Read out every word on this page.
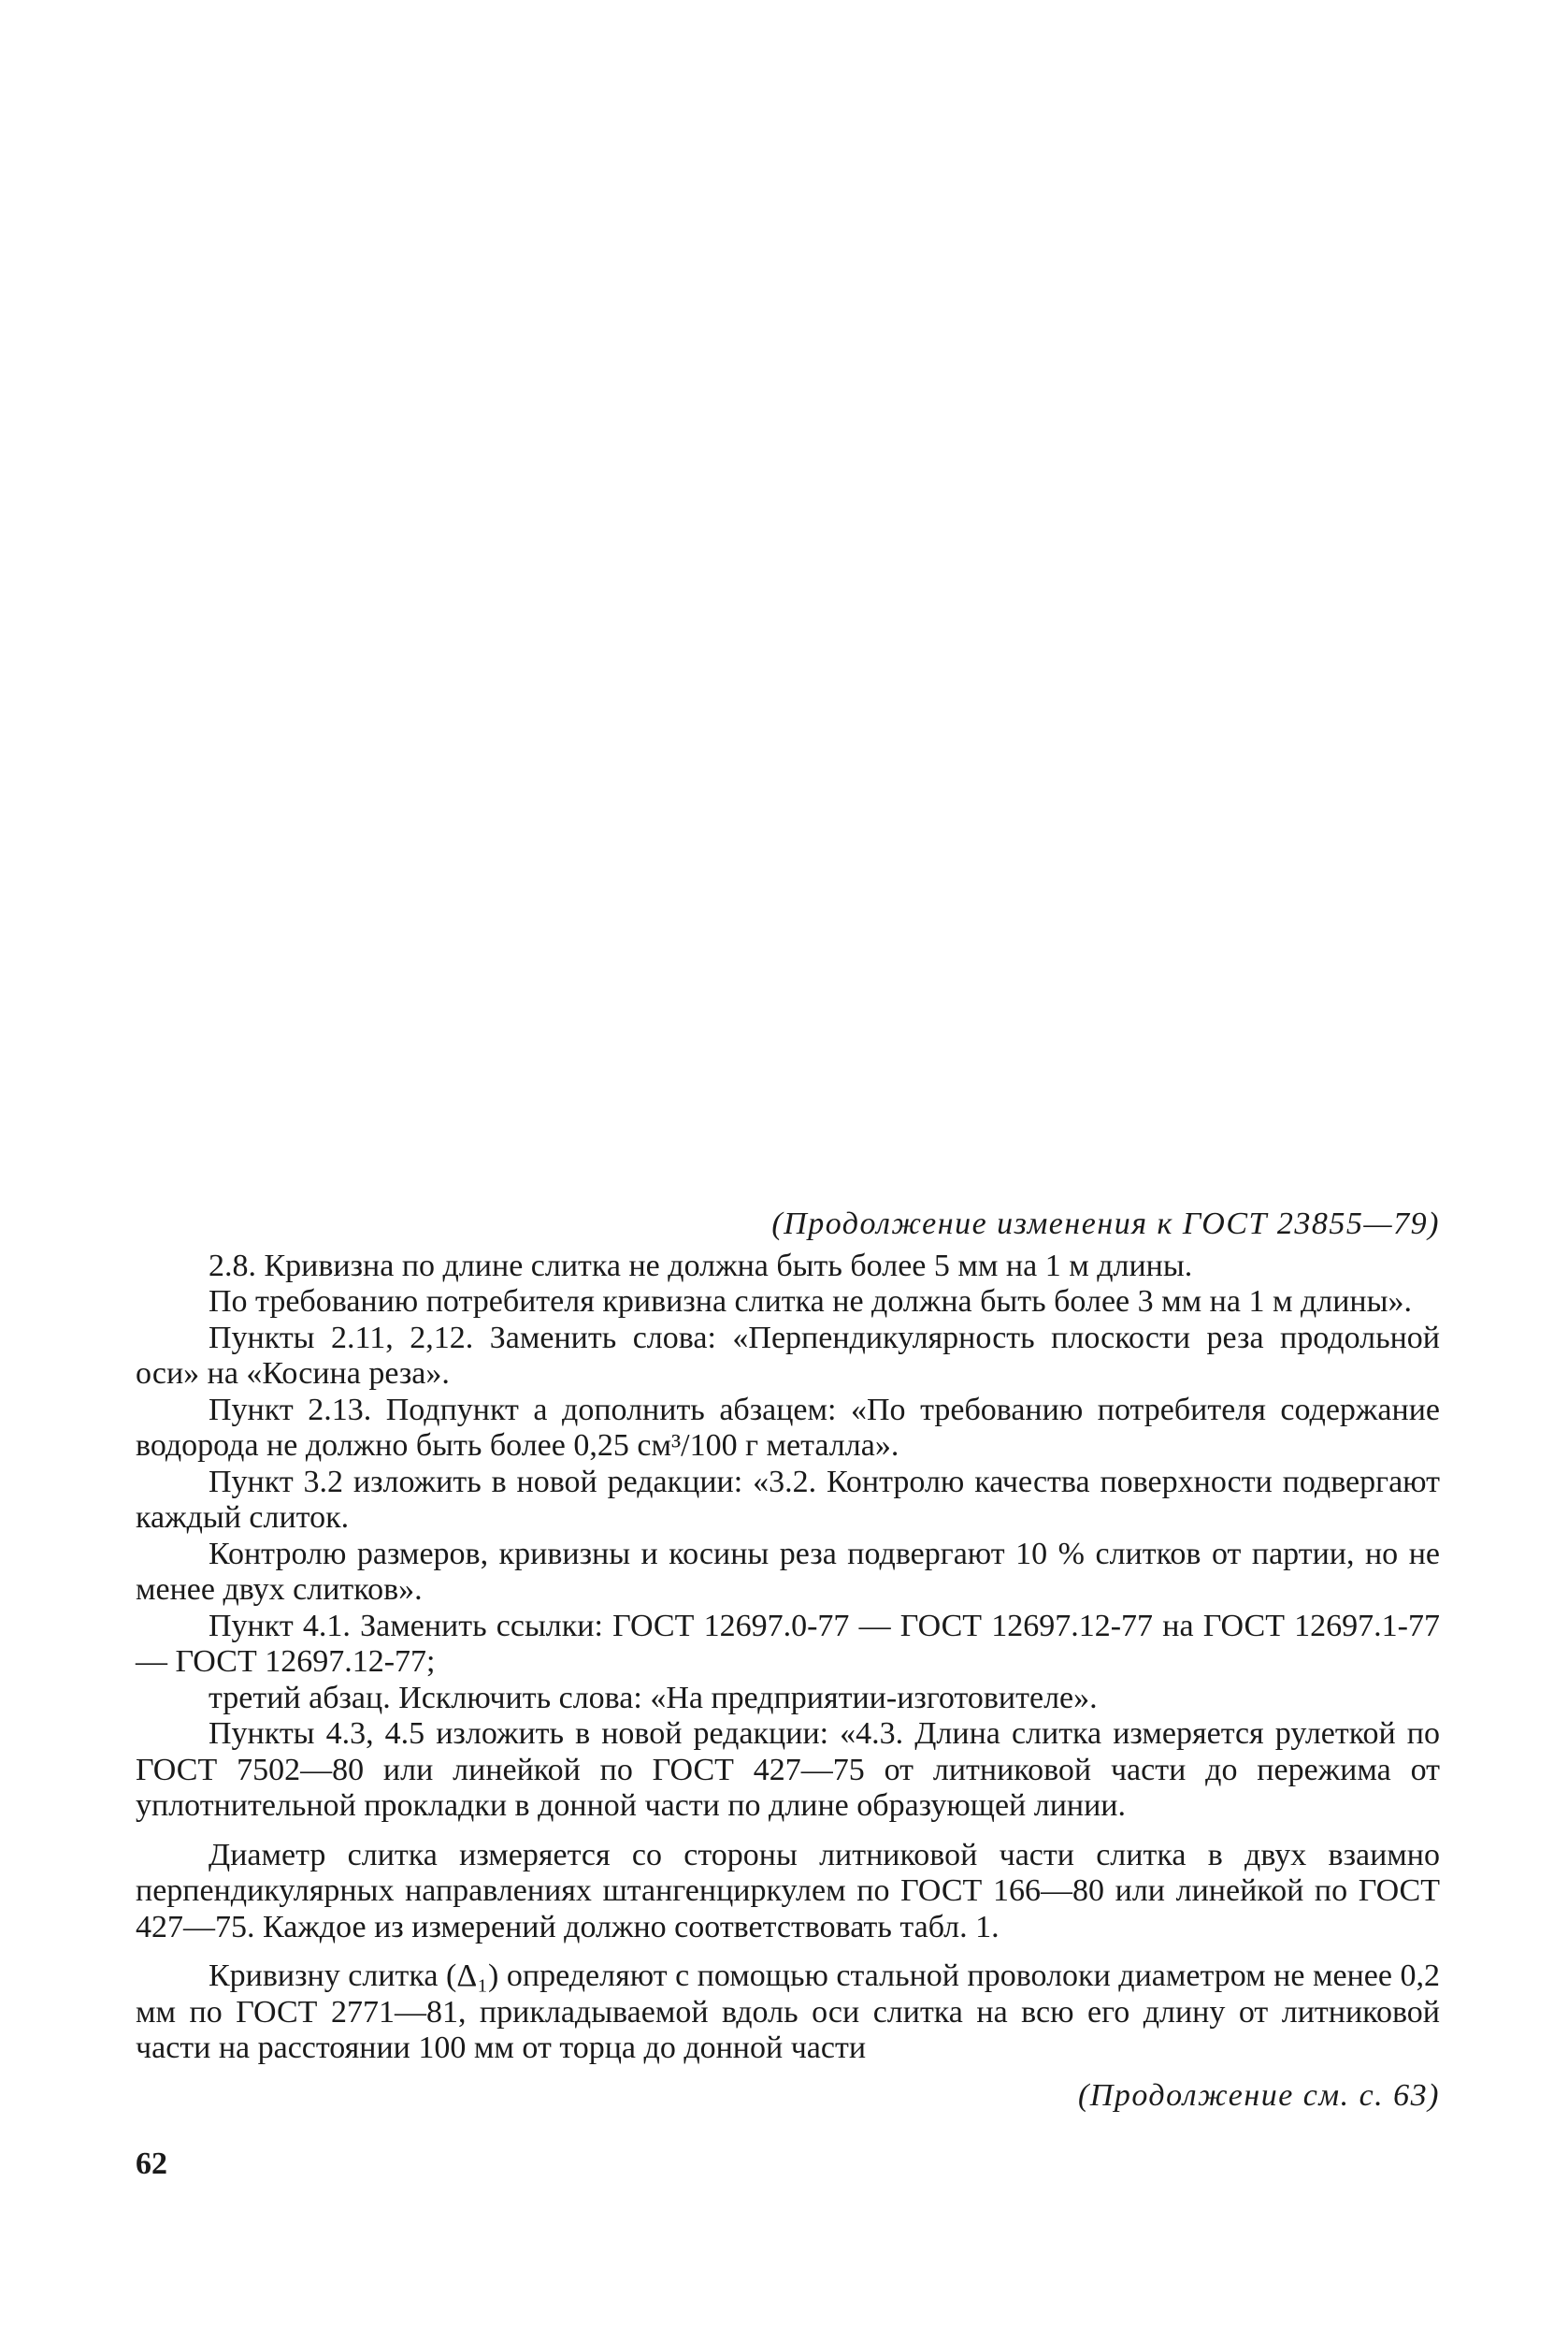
(Продолжение изменения к ГОСТ 23855—79)

2.8. Кривизна по длине слитка не должна быть более 5 мм на 1 м длины.

По требованию потребителя кривизна слитка не должна быть более 3 мм на 1 м длины».

Пункты 2.11, 2,12. Заменить слова: «Перпендикулярность плоскости реза продольной оси» на «Косина реза».

Пункт 2.13. Подпункт а дополнить абзацем: «По требованию потребителя содержание водорода не должно быть более 0,25 см³/100 г металла».

Пункт 3.2 изложить в новой редакции: «3.2. Контролю качества поверхности подвергают каждый слиток.

Контролю размеров, кривизны и косины реза подвергают 10 % слитков от партии, но не менее двух слитков».

Пункт 4.1. Заменить ссылки: ГОСТ 12697.0-77 — ГОСТ 12697.12-77 на ГОСТ 12697.1-77 — ГОСТ 12697.12-77;

третий абзац. Исключить слова: «На предприятии-изготовителе».

Пункты 4.3, 4.5 изложить в новой редакции: «4.3. Длина слитка измеряется рулеткой по ГОСТ 7502—80 или линейкой по ГОСТ 427—75 от литниковой части до пережима от уплотнительной прокладки в донной части по длине образующей линии.

Диаметр слитка измеряется со стороны литниковой части слитка в двух взаимно перпендикулярных направлениях штангенциркулем по ГОСТ 166—80 или линейкой по ГОСТ 427—75. Каждое из измерений должно соответствовать табл. 1.

Кривизну слитка (Δ₁) определяют с помощью стальной проволоки диаметром не менее 0,2 мм по ГОСТ 2771—81, прикладываемой вдоль оси слитка на всю его длину от литниковой части на расстоянии 100 мм от торца до донной части

(Продолжение см. с. 63)
62
